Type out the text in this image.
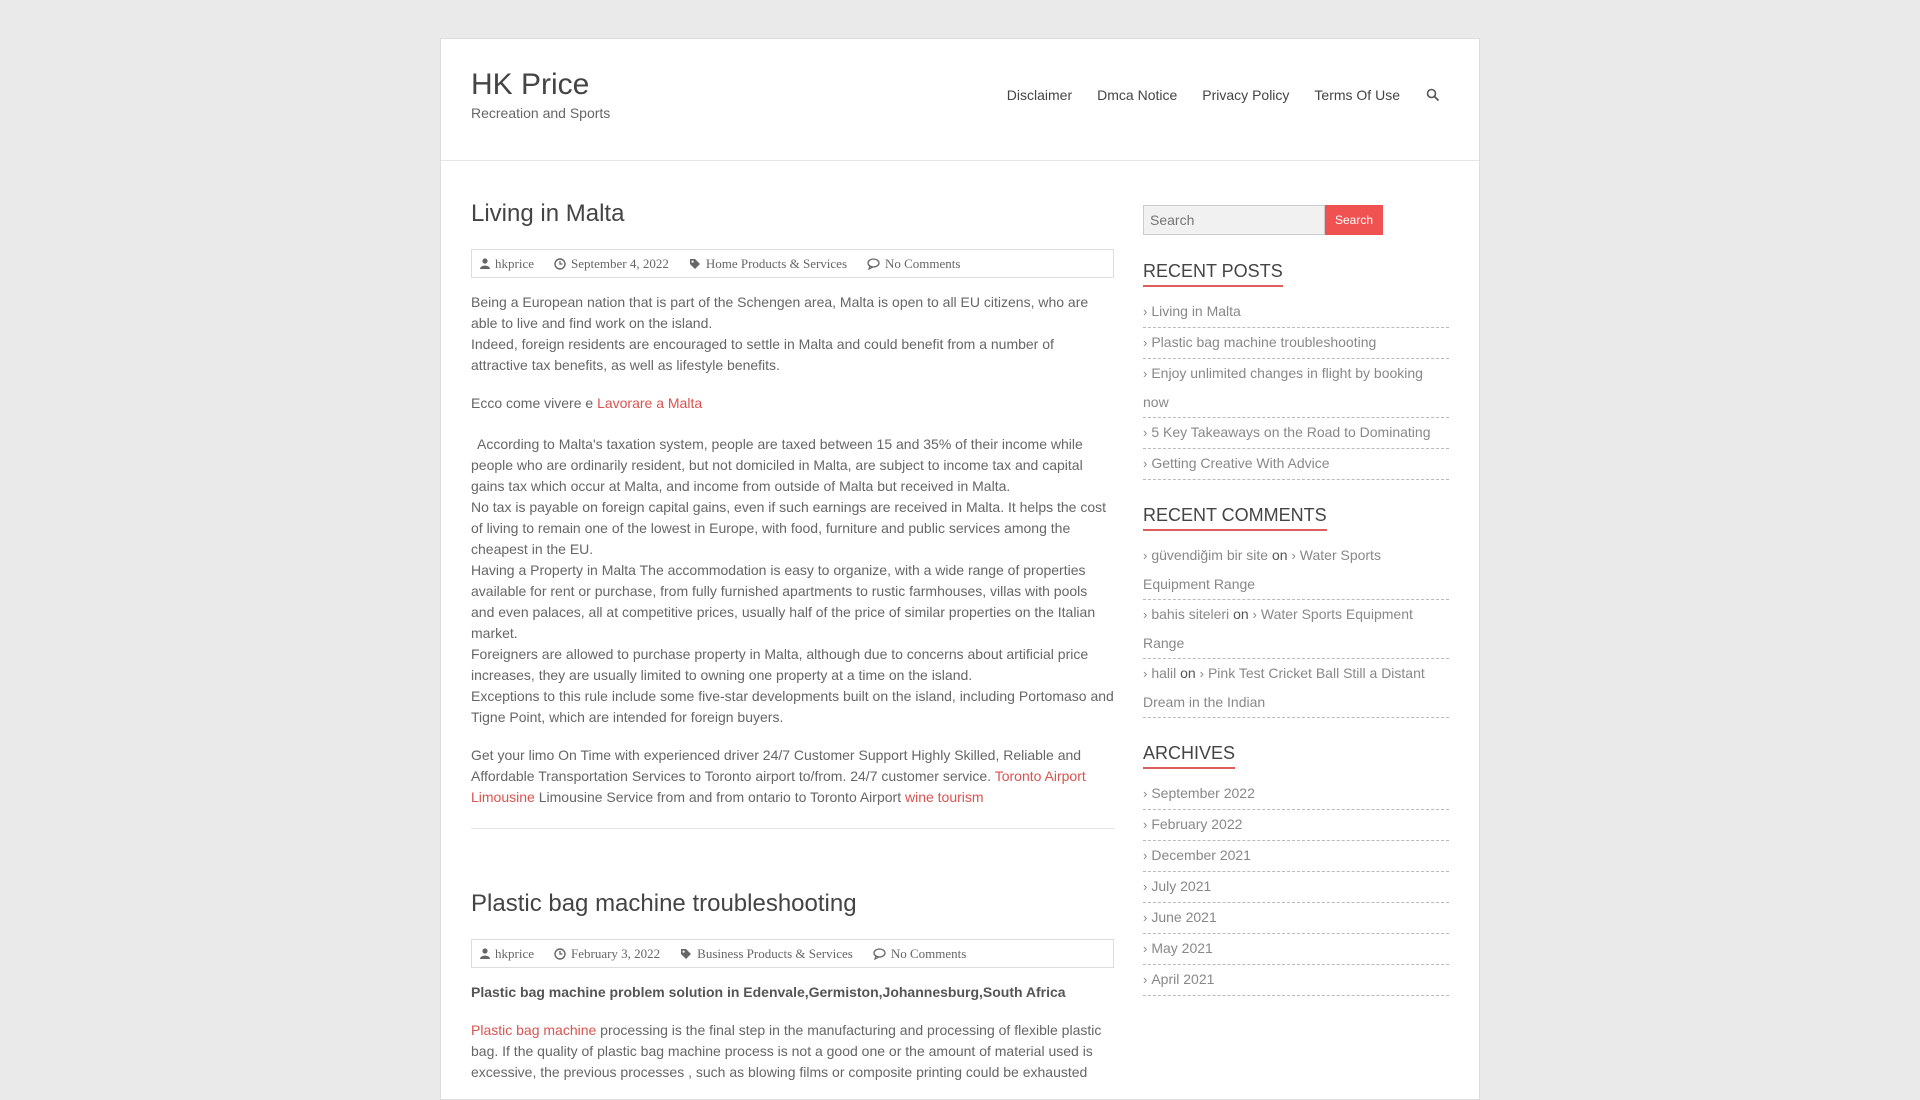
HK Price
Recreation and Sports
Disclaimer Dmca Notice Privacy Policy Terms Of Use
Living in Malta
hkprice	September 4, 2022	Home Products & Services	No Comments

Being a European nation that is part of the Schengen area, Malta is open to all EU citizens, who are able to live and find work on the island.

Indeed, foreign residents are encouraged to settle in Malta and could benefit from a number of attractive tax benefits, as well as lifestyle benefits.

Ecco come vivere e Lavorare a Malta

According to Malta's taxation system, people are taxed between 15 and 35% of their income while people who are ordinarily resident, but not domiciled in Malta, are subject to income tax and capital gains tax which occur at Malta, and income from outside of Malta but received in Malta.

No tax is payable on foreign capital gains, even if such earnings are received in Malta. It helps the cost of living to remain one of the lowest in Europe, with food, furniture and public services among the cheapest in the EU.

Having a Property in Malta The accommodation is easy to organize, with a wide range of properties available for rent or purchase, from fully furnished apartments to rustic farmhouses, villas with pools and even palaces, all at competitive prices, usually half of the price of similar properties on the Italian market.

Foreigners are allowed to purchase property in Malta, although due to concerns about artificial price increases, they are usually limited to owning one property at a time on the island.

Exceptions to this rule include some five-star developments built on the island, including Portomaso and Tigne Point, which are intended for foreign buyers.

Get your limo On Time with experienced driver 24/7 Customer Support Highly Skilled, Reliable and Affordable Transportation Services to Toronto airport to/from. 24/7 customer service. Toronto Airport Limousine Limousine Service from and from ontario to Toronto Airport wine tourism

Plastic bag machine troubleshooting
hkprice	February 3, 2022	Business Products & Services	No Comments

Plastic bag machine problem solution in Edenvale,Germiston,Johannesburg,South Africa

Plastic bag machine processing is the final step in the manufacturing and processing of flexible plastic bag. If the quality of plastic bag machine process is not a good one or the amount of material used is excessive, the previous processes , such as blowing films or composite printing could be exhausted

Search
Search
RECENT POSTS
› Living in Malta
› Plastic bag machine troubleshooting
› Enjoy unlimited changes in flight by booking now
› 5 Key Takeaways on the Road to Dominating
› Getting Creative With Advice
RECENT COMMENTS
› güvendiğim bir site on › Water Sports Equipment Range
› bahis siteleri on › Water Sports Equipment Range
› halil on › Pink Test Cricket Ball Still a Distant Dream in the Indian
ARCHIVES
› September 2022
› February 2022
› December 2021
› July 2021
› June 2021
› May 2021
› April 2021
